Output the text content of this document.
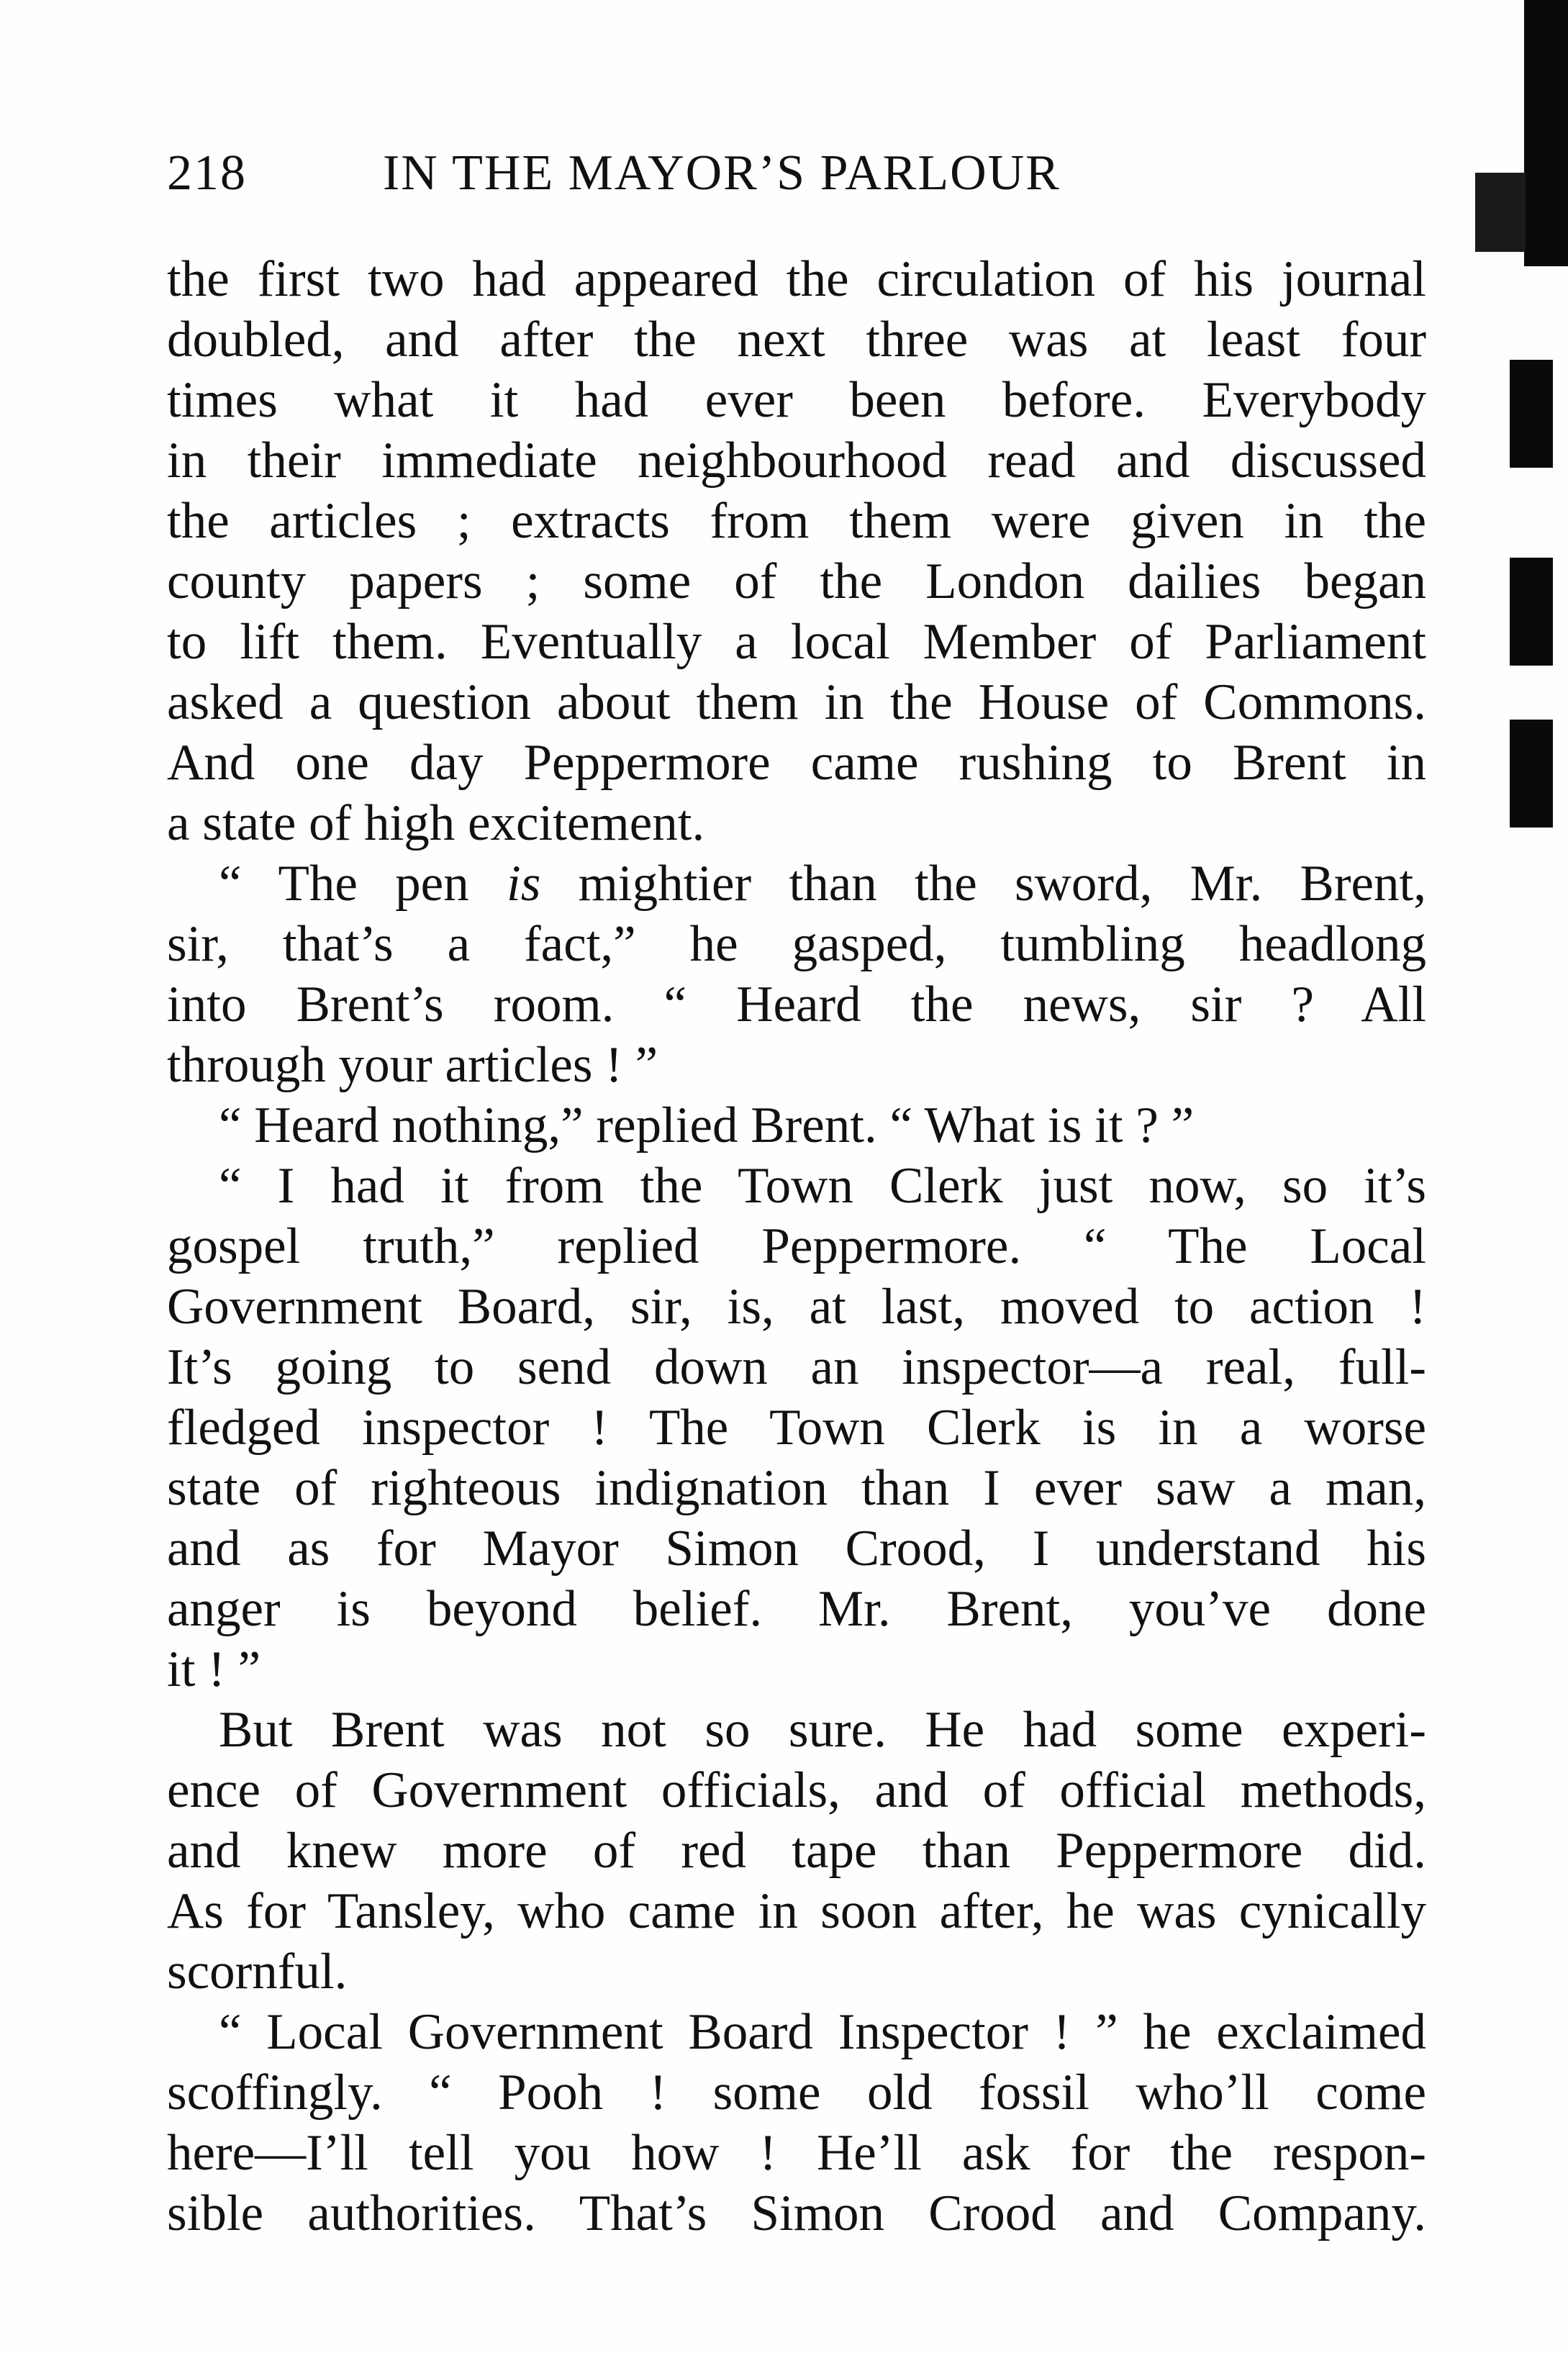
218	IN THE MAYOR’S PARLOUR
the first two had appeared the circulation of his journal
doubled, and after the next three was at least four
times what it had ever been before. Everybody
in their immediate neighbourhood read and discussed
the articles ; extracts from them were given in the
county papers ; some of the London dailies began
to lift them. Eventually a local Member of Parliament
asked a question about them in the House of Commons.
And one day Peppermore came rushing to Brent in
a state of high excitement.
“ The pen is mightier than the sword, Mr. Brent,
sir, that’s a fact,” he gasped, tumbling headlong
into Brent’s room. “ Heard the news, sir ? All
through your articles ! ”
“ Heard nothing,” replied Brent. “ What is it ? ”
“ I had it from the Town Clerk just now, so it’s
gospel truth,” replied Peppermore. “ The Local
Government Board, sir, is, at last, moved to action !
It’s going to send down an inspector—a real, full-
fledged inspector ! The Town Clerk is in a worse
state of righteous indignation than I ever saw a man,
and as for Mayor Simon Crood, I understand his
anger is beyond belief. Mr. Brent, you’ve done
it ! ”
But Brent was not so sure. He had some experi-
ence of Government officials, and of official methods,
and knew more of red tape than Peppermore did.
As for Tansley, who came in soon after, he was cynically
scornful.
“ Local Government Board Inspector ! ” he exclaimed
scoffingly. “ Pooh ! some old fossil who’ll come
here—I’ll tell you how ! He’ll ask for the respon-
sible authorities. That’s Simon Crood and Company.
